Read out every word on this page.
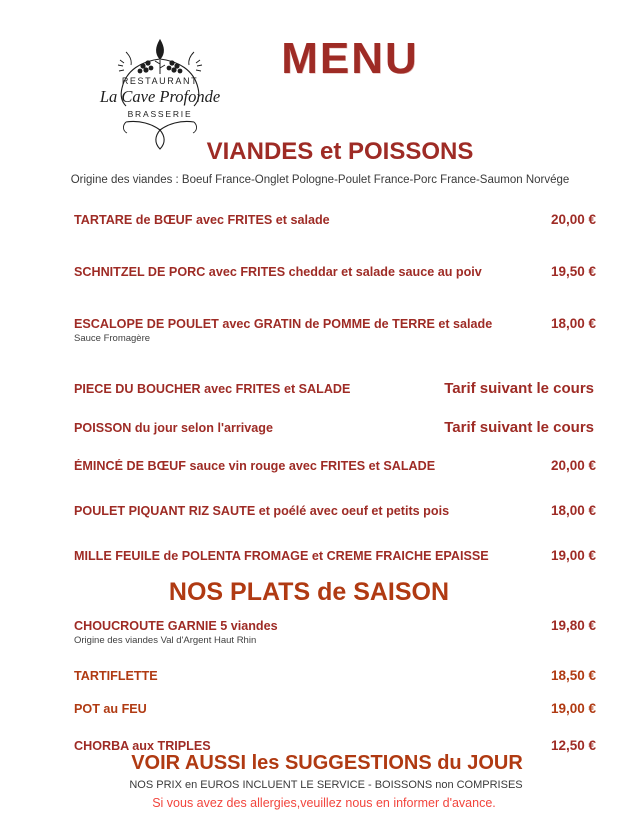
RESTAURANT
La Cave Profonde
BRASSERIE
MENU
VIANDES et POISSONS
Origine des viandes : Boeuf France-Onglet Pologne-Poulet France-Porc France-Saumon Norvége
TARTARE de BŒUF avec FRITES et salade	20,00 €
SCHNITZEL DE PORC avec FRITES cheddar et salade sauce au poiv	19,50 €
ESCALOPE DE POULET avec GRATIN de POMME de TERRE et salade	18,00 €
Sauce Fromagère
PIECE DU BOUCHER avec FRITES et SALADE	Tarif suivant le cours
POISSON du jour selon l'arrivage	Tarif suivant le cours
ÉMINCÉ DE BŒUF sauce vin rouge avec FRITES et SALADE	20,00 €
POULET PIQUANT RIZ SAUTE et poélé avec oeuf et petits pois	18,00 €
MILLE FEUILE de POLENTA FROMAGE et CREME FRAICHE EPAISSE	19,00 €
NOS PLATS de SAISON
CHOUCROUTE GARNIE 5 viandes	19,80 €
Origine des viandes Val d'Argent Haut Rhin
TARTIFLETTE	18,50 €
POT au FEU	19,00 €
CHORBA aux TRIPLES	12,50 €
VOIR AUSSI les SUGGESTIONS du JOUR
NOS PRIX en EUROS INCLUENT LE SERVICE - BOISSONS non COMPRISES
Si vous avez des allergies,veuillez nous en informer d'avance.
